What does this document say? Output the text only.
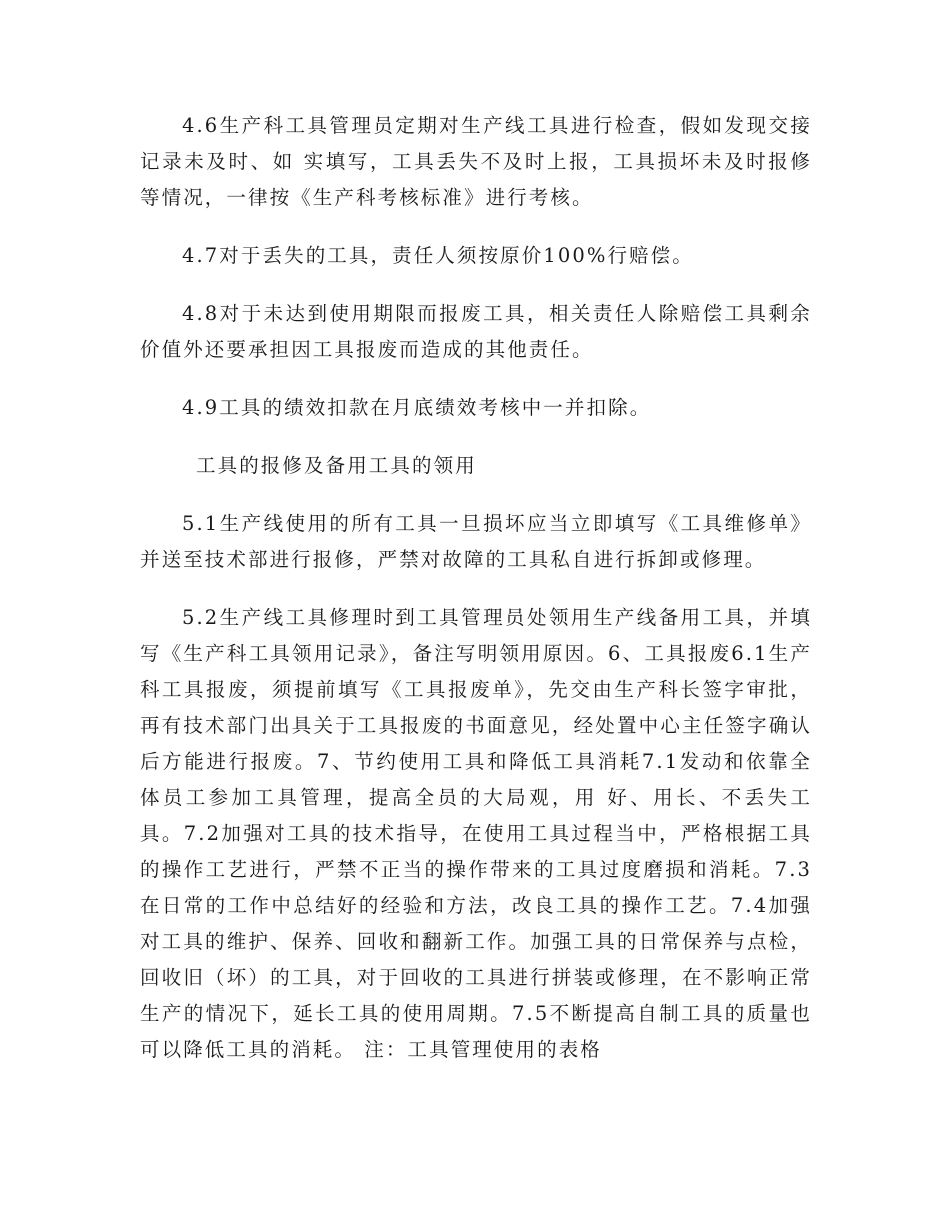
4.6生产科工具管理员定期对生产线工具进行检查，假如发现交接记录未及时、如 实填写，工具丢失不及时上报，工具损坏未及时报修等情况，一律按《生产科考核标准》进行考核。

4.7对于丢失的工具，责任人须按原价100%行赔偿。

4.8对于未达到使用期限而报废工具，相关责任人除赔偿工具剩余价值外还要承担因工具报废而造成的其他责任。

4.9工具的绩效扣款在月底绩效考核中一并扣除。

工具的报修及备用工具的领用

5.1生产线使用的所有工具一旦损坏应当立即填写《工具维修单》并送至技术部进行报修，严禁对故障的工具私自进行拆卸或修理。

5.2生产线工具修理时到工具管理员处领用生产线备用工具，并填写《生产科工具领用记录》，备注写明领用原因。6、工具报废6.1生产科工具报废，须提前填写《工具报废单》，先交由生产科长签字审批，再有技术部门出具关于工具报废的书面意见，经处置中心主任签字确认后方能进行报废。7、节约使用工具和降低工具消耗7.1发动和依靠全体员工参加工具管理，提高全员的大局观，用 好、用长、不丢失工具。7.2加强对工具的技术指导，在使用工具过程当中，严格根据工具的操作工艺进行，严禁不正当的操作带来的工具过度磨损和消耗。7.3在日常的工作中总结好的经验和方法，改良工具的操作工艺。7.4加强对工具的维护、保养、回收和翻新工作。加强工具的日常保养与点检，回收旧（坏）的工具，对于回收的工具进行拼装或修理，在不影响正常生产的情况下，延长工具的使用周期。7.5不断提高自制工具的质量也可以降低工具的消耗。 注：工具管理使用的表格
